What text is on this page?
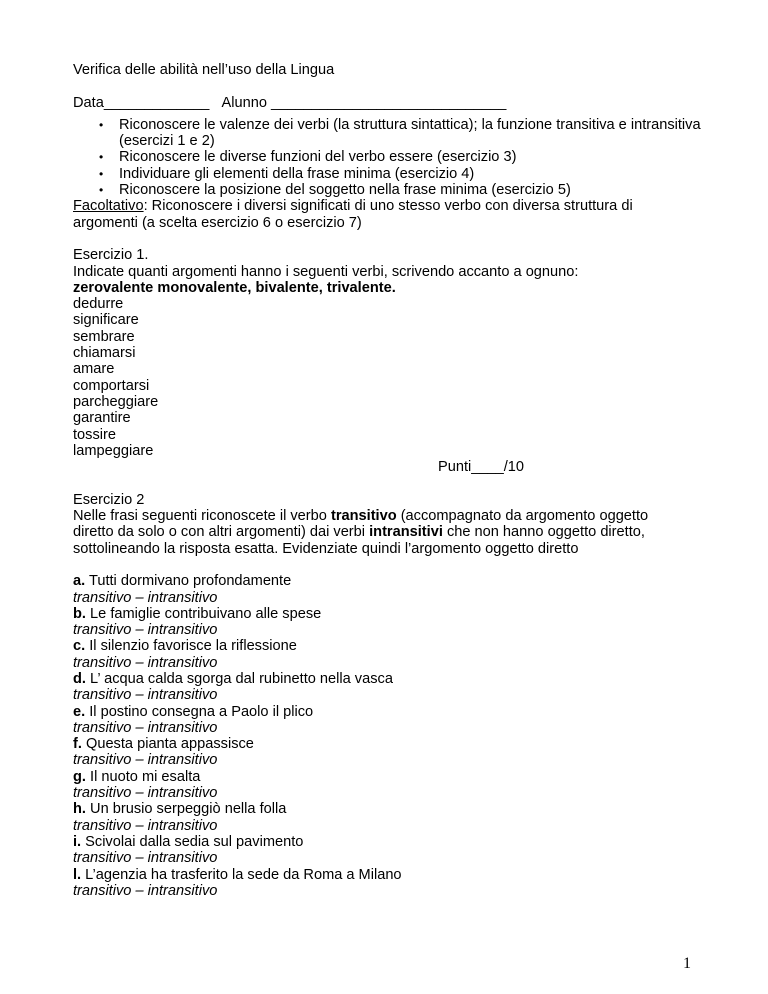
Verifica delle abilità nell’uso della Lingua
Data_____________ Alunno _____________________________
• Riconoscere le valenze dei verbi (la struttura sintattica); la funzione transitiva e intransitiva (esercizi 1 e 2)
• Riconoscere le diverse funzioni del verbo essere (esercizio 3)
• Individuare gli elementi della frase minima (esercizio 4)
• Riconoscere la posizione del soggetto nella frase minima (esercizio 5)
Facoltativo: Riconoscere i diversi significati di uno stesso verbo con diversa struttura di
argomenti (a scelta esercizio 6 o esercizio 7)
Esercizio 1.
Indicate quanti argomenti hanno i seguenti verbi, scrivendo accanto a ognuno:
zerovalente monovalente, bivalente, trivalente.
dedurre
significare
sembrare
chiamarsi
amare
comportarsi
parcheggiare
garantire
tossire
lampeggiare
Punti____/10
Esercizio 2
Nelle frasi seguenti riconoscete il verbo transitivo (accompagnato da argomento oggetto
diretto da solo o con altri argomenti) dai verbi intransitivi che non hanno oggetto diretto,
sottolineando la risposta esatta. Evidenziate quindi l’argomento oggetto diretto
a. Tutti dormivano profondamente
transitivo – intransitivo
b. Le famiglie contribuivano alle spese
transitivo – intransitivo
c. Il silenzio favorisce la riflessione
transitivo – intransitivo
d. L’ acqua calda sgorga dal rubinetto nella vasca
transitivo – intransitivo
e. Il postino consegna a Paolo il plico
transitivo – intransitivo
f. Questa pianta appassisce
transitivo – intransitivo
g. Il nuoto mi esalta
transitivo – intransitivo
h. Un brusio serpeggiò nella folla
transitivo – intransitivo
i. Scivolai dalla sedia sul pavimento
transitivo – intransitivo
l. L’agenzia ha trasferito la sede da Roma a Milano
transitivo – intransitivo
1
